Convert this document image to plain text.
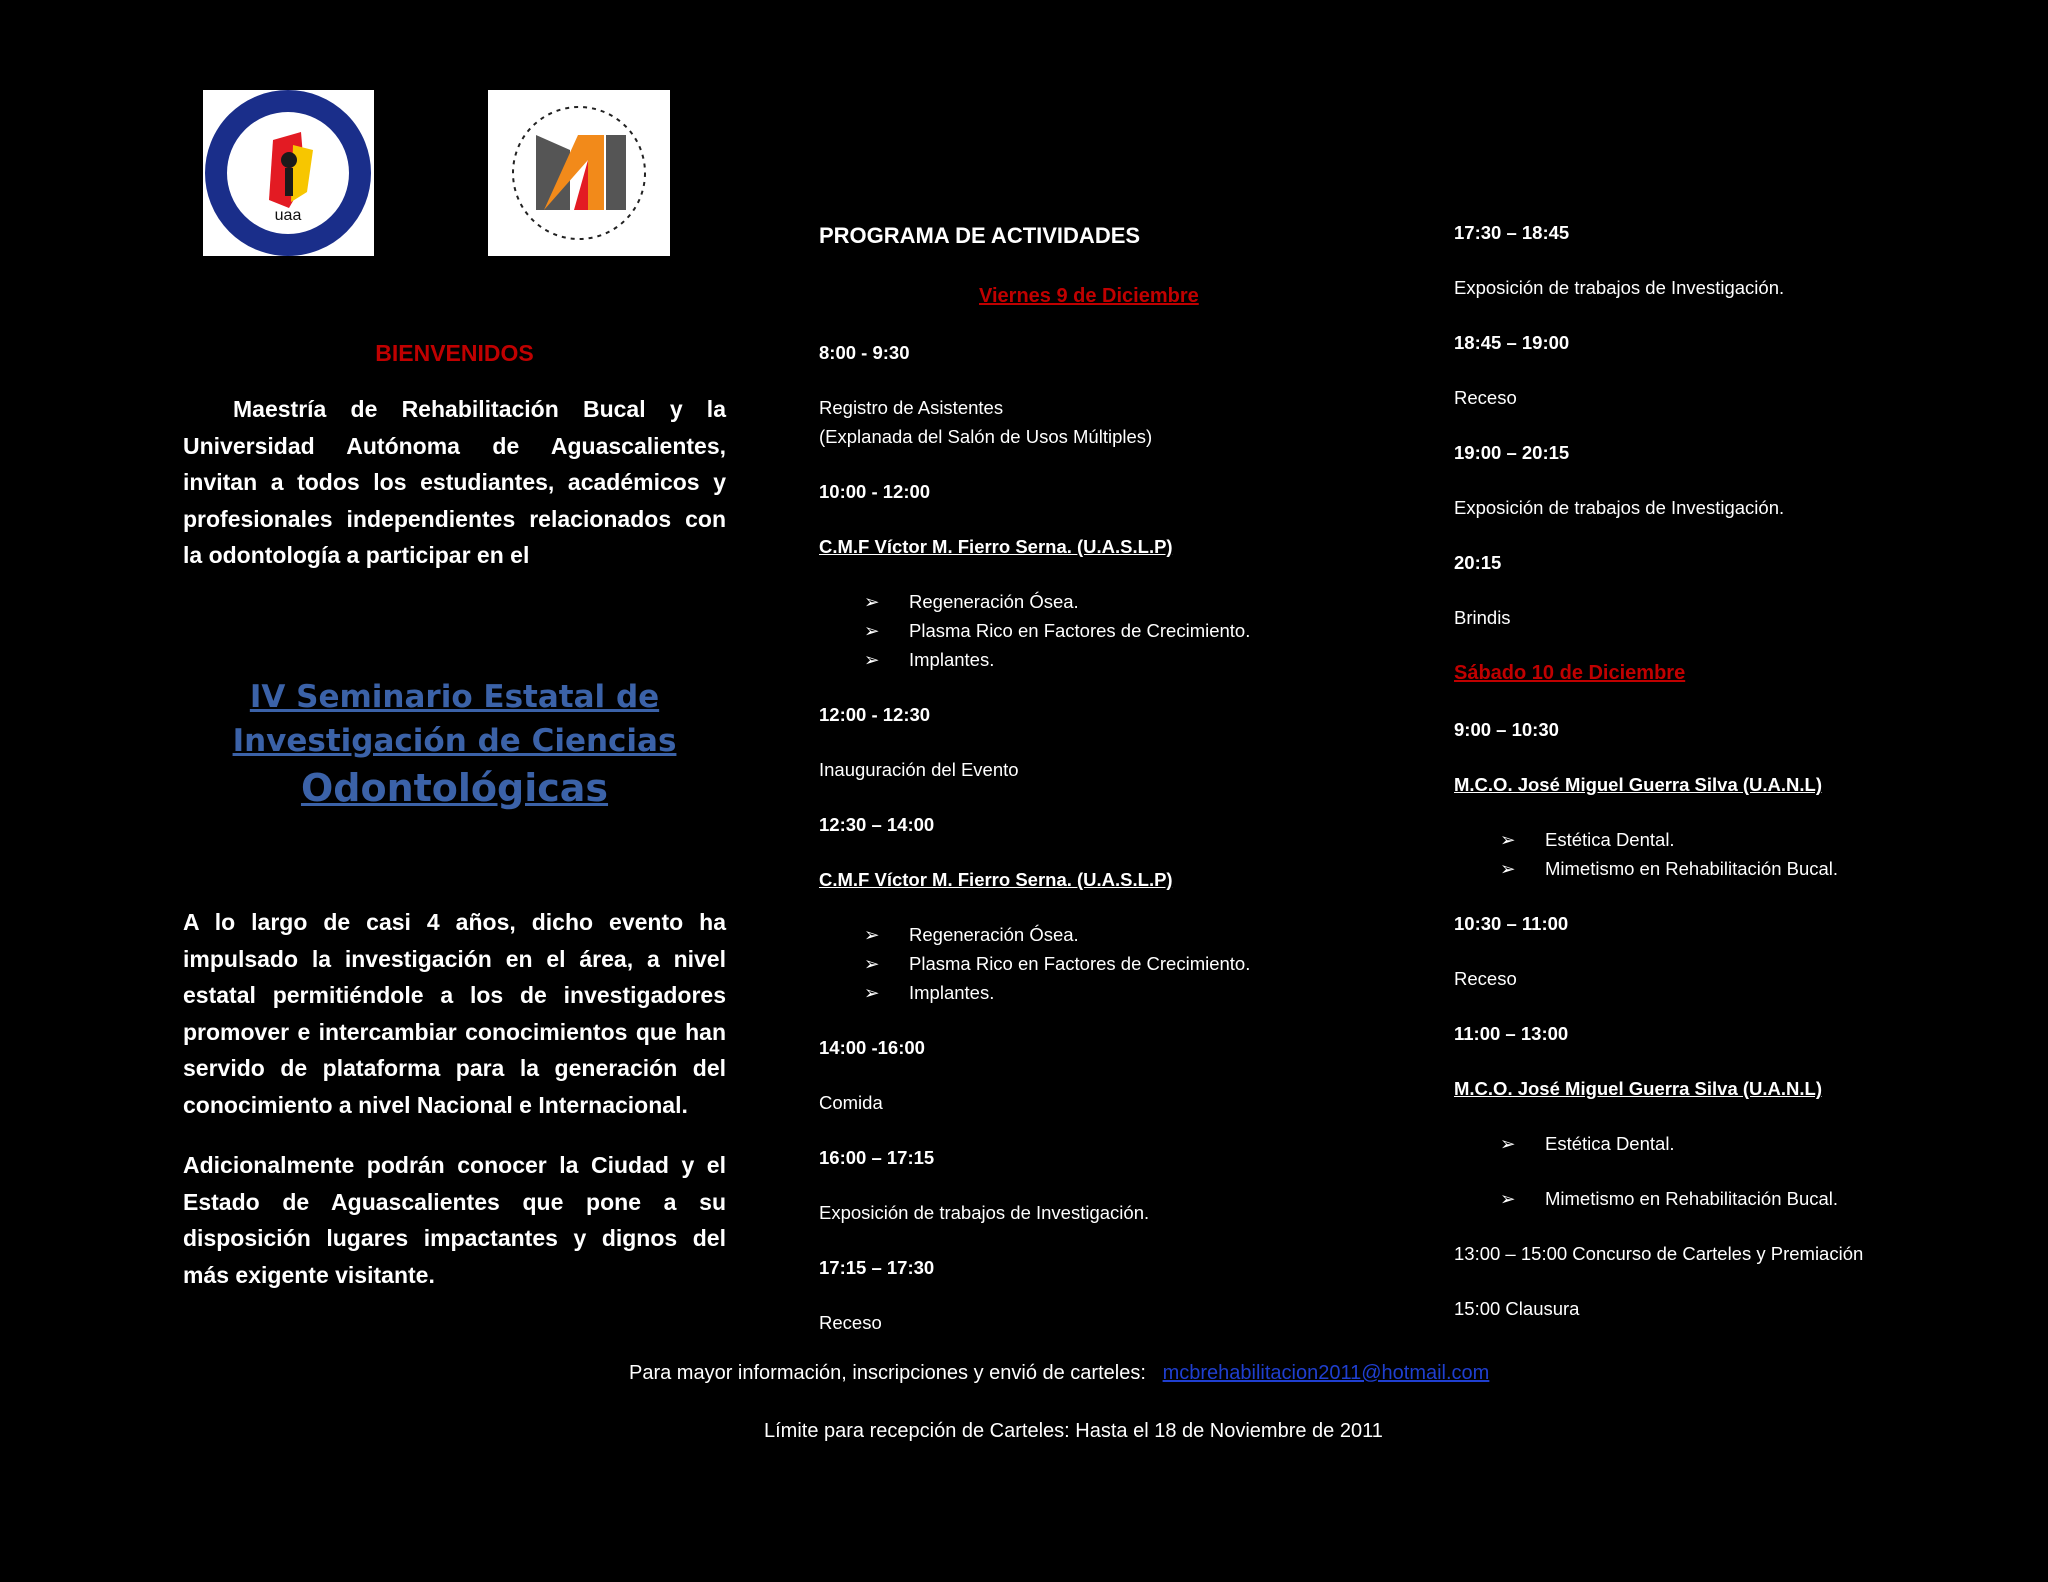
uaa

BIENVENIDOS

Maestría de Rehabilitación Bucal y la Universidad Autónoma de Aguascalientes, invitan a todos los estudiantes, académicos y profesionales independientes relacionados con la odontología a participar en el

IV Seminario Estatal de
Investigación de Ciencias
Odontológicas

A lo largo de casi 4 años, dicho evento ha impulsado la investigación en el área, a nivel estatal permitiéndole a los de investigadores promover e intercambiar conocimientos que han servido de plataforma para la generación del conocimiento a nivel Nacional e Internacional.

Adicionalmente podrán conocer la Ciudad y el Estado de Aguascalientes que pone a su disposición lugares impactantes y dignos del más exigente visitante.

PROGRAMA DE ACTIVIDADES
Viernes 9 de Diciembre
8:00 - 9:30
Registro de Asistentes
(Explanada del Salón de Usos Múltiples)
10:00 - 12:00
C.M.F Víctor M. Fierro Serna. (U.A.S.L.P)
➢ Regeneración Ósea.
➢ Plasma Rico en Factores de Crecimiento.
➢ Implantes.
12:00 - 12:30
Inauguración del Evento
12:30 – 14:00
C.M.F Víctor M. Fierro Serna. (U.A.S.L.P)
➢ Regeneración Ósea.
➢ Plasma Rico en Factores de Crecimiento.
➢ Implantes.
14:00 -16:00
Comida
16:00 – 17:15
Exposición de trabajos de Investigación.
17:15 – 17:30
Receso
17:30 – 18:45
Exposición de trabajos de Investigación.
18:45 – 19:00
Receso
19:00 – 20:15
Exposición de trabajos de Investigación.
20:15
Brindis
Sábado 10 de Diciembre
9:00 – 10:30
M.C.O. José Miguel Guerra Silva (U.A.N.L)
➢ Estética Dental.
➢ Mimetismo en Rehabilitación Bucal.
10:30 – 11:00
Receso
11:00 – 13:00
M.C.O. José Miguel Guerra Silva (U.A.N.L)
➢ Estética Dental.
➢ Mimetismo en Rehabilitación Bucal.
13:00 – 15:00 Concurso de Carteles y Premiación
15:00 Clausura
Para mayor información, inscripciones y envió de carteles: mcbrehabilitacion2011@hotmail.com
Límite para recepción de Carteles: Hasta el 18 de Noviembre de 2011
